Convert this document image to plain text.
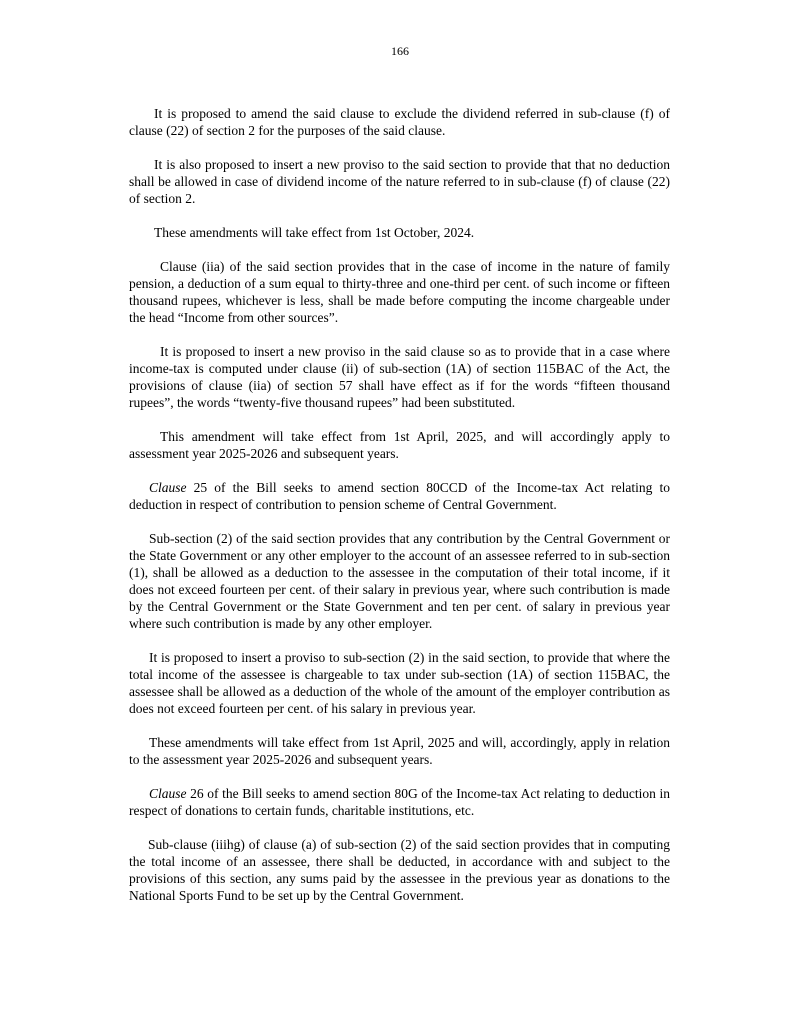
166

It is proposed to amend the said clause to exclude the dividend referred in sub-clause (f) of clause (22) of section 2 for the purposes of the said clause.

It is also proposed to insert a new proviso to the said section to provide that that no deduction shall be allowed in case of dividend income of the nature referred to in sub-clause (f) of clause (22) of section 2.

These amendments will take effect from 1st October, 2024.

Clause (iia) of the said section provides that in the case of income in the nature of family pension, a deduction of a sum equal to thirty-three and one-third per cent. of such income or fifteen thousand rupees, whichever is less, shall be made before computing the income chargeable under the head “Income from other sources”.

It is proposed to insert a new proviso in the said clause so as to provide that in a case where income-tax is computed under clause (ii) of sub-section (1A) of section 115BAC of the Act, the provisions of clause (iia) of section 57 shall have effect as if for the words “fifteen thousand rupees”, the words “twenty-five thousand rupees” had been substituted.

This amendment will take effect from 1st April, 2025, and will accordingly apply to assessment year 2025-2026 and subsequent years.

Clause 25 of the Bill seeks to amend section 80CCD of the Income-tax Act relating to deduction in respect of contribution to pension scheme of Central Government.

Sub-section (2) of the said section provides that any contribution by the Central Government or the State Government or any other employer to the account of an assessee referred to in sub-section (1), shall be allowed as a deduction to the assessee in the computation of their total income, if it does not exceed fourteen per cent. of their salary in previous year, where such contribution is made by the Central Government or the State Government and ten per cent. of salary in previous year where such contribution is made by any other employer.

It is proposed to insert a proviso to sub-section (2) in the said section, to provide that where the total income of the assessee is chargeable to tax under sub-section (1A) of section 115BAC, the assessee shall be allowed as a deduction of the whole of the amount of the employer contribution as does not exceed fourteen per cent. of his salary in previous year.

These amendments will take effect from 1st April, 2025 and will, accordingly, apply in relation to the assessment year 2025-2026 and subsequent years.

Clause 26 of the Bill seeks to amend section 80G of the Income-tax Act relating to deduction in respect of donations to certain funds, charitable institutions, etc.

Sub-clause (iiihg) of clause (a) of sub-section (2) of the said section provides that in computing the total income of an assessee, there shall be deducted, in accordance with and subject to the provisions of this section, any sums paid by the assessee in the previous year as donations to the National Sports Fund to be set up by the Central Government.
